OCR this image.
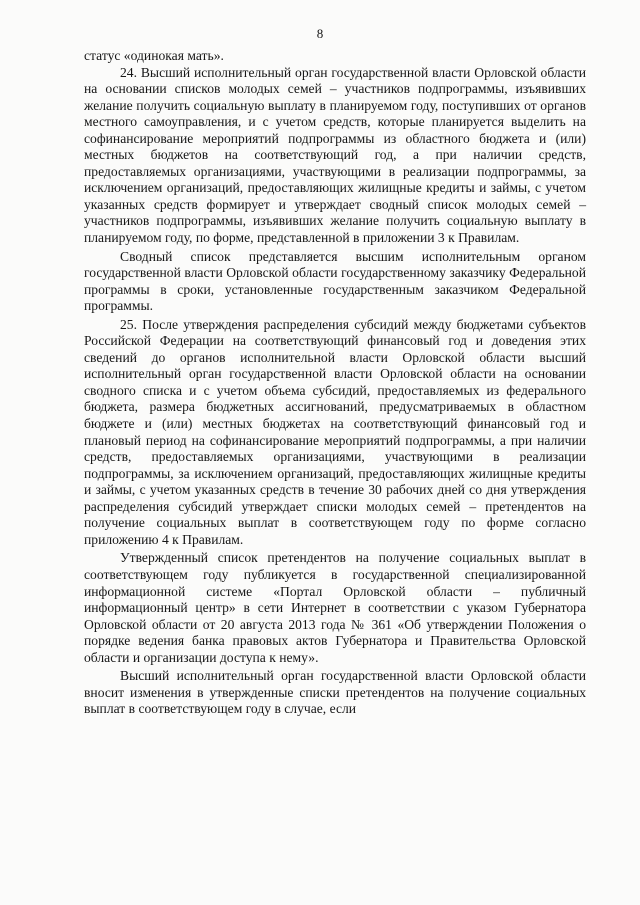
8

статус «одинокая мать».

24. Высший исполнительный орган государственной власти Орловской области на основании списков молодых семей – участников подпрограммы, изъявивших желание получить социальную выплату в планируемом году, поступивших от органов местного самоуправления, и с учетом средств, которые планируется выделить на софинансирование мероприятий подпрограммы из областного бюджета и (или) местных бюджетов на соответствующий год, а при наличии средств, предоставляемых организациями, участвующими в реализации подпрограммы, за исключением организаций, предоставляющих жилищные кредиты и займы, с учетом указанных средств формирует и утверждает сводный список молодых семей – участников подпрограммы, изъявивших желание получить социальную выплату в планируемом году, по форме, представленной в приложении 3 к Правилам.

Сводный список представляется высшим исполнительным органом государственной власти Орловской области государственному заказчику Федеральной программы в сроки, установленные государственным заказчиком Федеральной программы.

25. После утверждения распределения субсидий между бюджетами субъектов Российской Федерации на соответствующий финансовый год и доведения этих сведений до органов исполнительной власти Орловской области высший исполнительный орган государственной власти Орловской области на основании сводного списка и с учетом объема субсидий, предоставляемых из федерального бюджета, размера бюджетных ассигнований, предусматриваемых в областном бюджете и (или) местных бюджетах на соответствующий финансовый год и плановый период на софинансирование мероприятий подпрограммы, а при наличии средств, предоставляемых организациями, участвующими в реализации подпрограммы, за исключением организаций, предоставляющих жилищные кредиты и займы, с учетом указанных средств в течение 30 рабочих дней со дня утверждения распределения субсидий утверждает списки молодых семей – претендентов на получение социальных выплат в соответствующем году по форме согласно приложению 4 к Правилам.

Утвержденный список претендентов на получение социальных выплат в соответствующем году публикуется в государственной специализированной информационной системе «Портал Орловской области – публичный информационный центр» в сети Интернет в соответствии с указом Губернатора Орловской области от 20 августа 2013 года № 361 «Об утверждении Положения о порядке ведения банка правовых актов Губернатора и Правительства Орловской области и организации доступа к нему».

Высший исполнительный орган государственной власти Орловской области вносит изменения в утвержденные списки претендентов на получение социальных выплат в соответствующем году в случае, если
